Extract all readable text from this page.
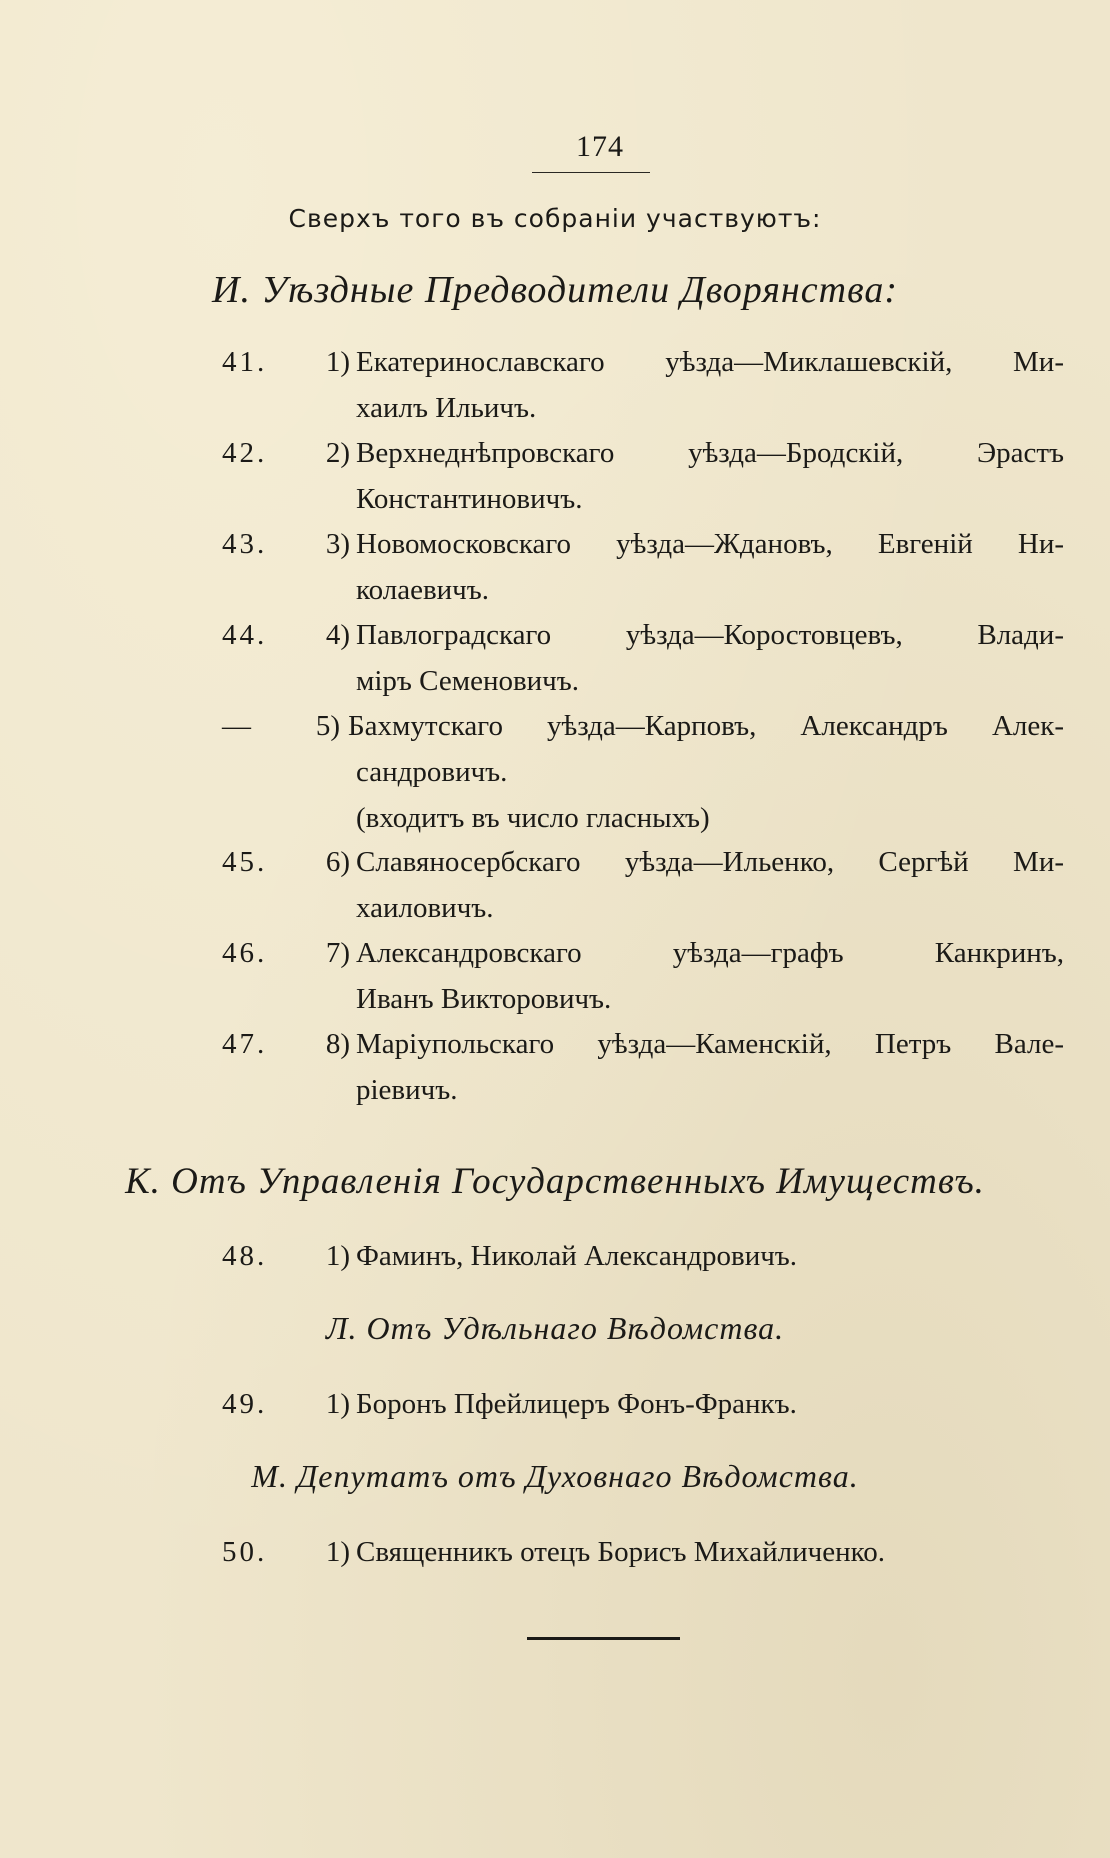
174
Сверхъ того въ собраніи участвуютъ:
И. Уѣздные Предводители Дворянства:
41.	1) Екатеринославскаго уѣзда—Миклашевскій, Ми-
хаилъ Ильичъ.
42.	2) Верхнеднѣпровскаго уѣзда—Бродскій, Эрастъ
Константиновичъ.
43.	3) Новомосковскаго уѣзда—Ждановъ, Евгеній Ни-
колаевичъ.
44.	4) Павлоградскаго уѣзда—Коростовцевъ, Влади-
міръ Семеновичъ.
—	5) Бахмутскаго уѣзда—Карповъ, Александръ Алек-
сандровичъ.
(входитъ въ число гласныхъ)
45.	6) Славяносербскаго уѣзда—Ильенко, Сергѣй Ми-
хаиловичъ.
46.	7) Александровскаго уѣзда—графъ Канкринъ,
Иванъ Викторовичъ.
47.	8) Маріупольскаго уѣзда—Каменскій, Петръ Вале-
ріевичъ.
К. Отъ Управленія Государственныхъ Имуществъ.
48.	1) Фаминъ, Николай Александровичъ.
Л. Отъ Удѣльнаго Вѣдомства.
49.	1) Боронъ Пфейлицеръ Фонъ-Франкъ.
М. Депутатъ отъ Духовнаго Вѣдомства.
50.	1) Священникъ отецъ Борисъ Михайличенко.
